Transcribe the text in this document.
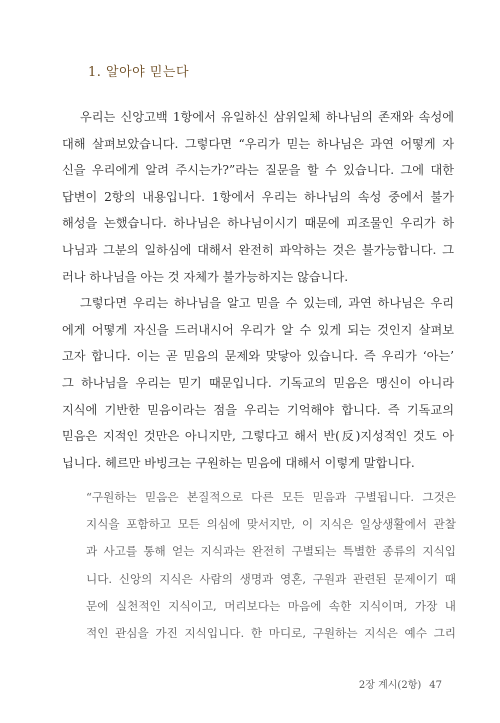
1. 알아야 믿는다
우리는 신앙고백 1항에서 유일하신 삼위일체 하나님의 존재와 속성에
대해 살펴보았습니다. 그렇다면 “우리가 믿는 하나님은 과연 어떻게 자
신을 우리에게 알려 주시는가?”라는 질문을 할 수 있습니다. 그에 대한
답변이 2항의 내용입니다. 1항에서 우리는 하나님의 속성 중에서 불가
해성을 논했습니다. 하나님은 하나님이시기 때문에 피조물인 우리가 하
나님과 그분의 일하심에 대해서 완전히 파악하는 것은 불가능합니다. 그
러나 하나님을 아는 것 자체가 불가능하지는 않습니다.
그렇다면 우리는 하나님을 알고 믿을 수 있는데, 과연 하나님은 우리
에게 어떻게 자신을 드러내시어 우리가 알 수 있게 되는 것인지 살펴보
고자 합니다. 이는 곧 믿음의 문제와 맞닿아 있습니다. 즉 우리가 ‘아는’
그 하나님을 우리는 믿기 때문입니다. 기독교의 믿음은 맹신이 아니라
지식에 기반한 믿음이라는 점을 우리는 기억해야 합니다. 즉 기독교의
믿음은 지적인 것만은 아니지만, 그렇다고 해서 반(反)지성적인 것도 아
닙니다. 헤르만 바빙크는 구원하는 믿음에 대해서 이렇게 말합니다.
“구원하는 믿음은 본질적으로 다른 모든 믿음과 구별됩니다. 그것은
지식을 포함하고 모든 의심에 맞서지만, 이 지식은 일상생활에서 관찰
과 사고를 통해 얻는 지식과는 완전히 구별되는 특별한 종류의 지식입
니다. 신앙의 지식은 사람의 생명과 영혼, 구원과 관련된 문제이기 때
문에 실천적인 지식이고, 머리보다는 마음에 속한 지식이며, 가장 내
적인 관심을 가진 지식입니다. 한 마디로, 구원하는 지식은 예수 그리
2장 계시(2항) 47
